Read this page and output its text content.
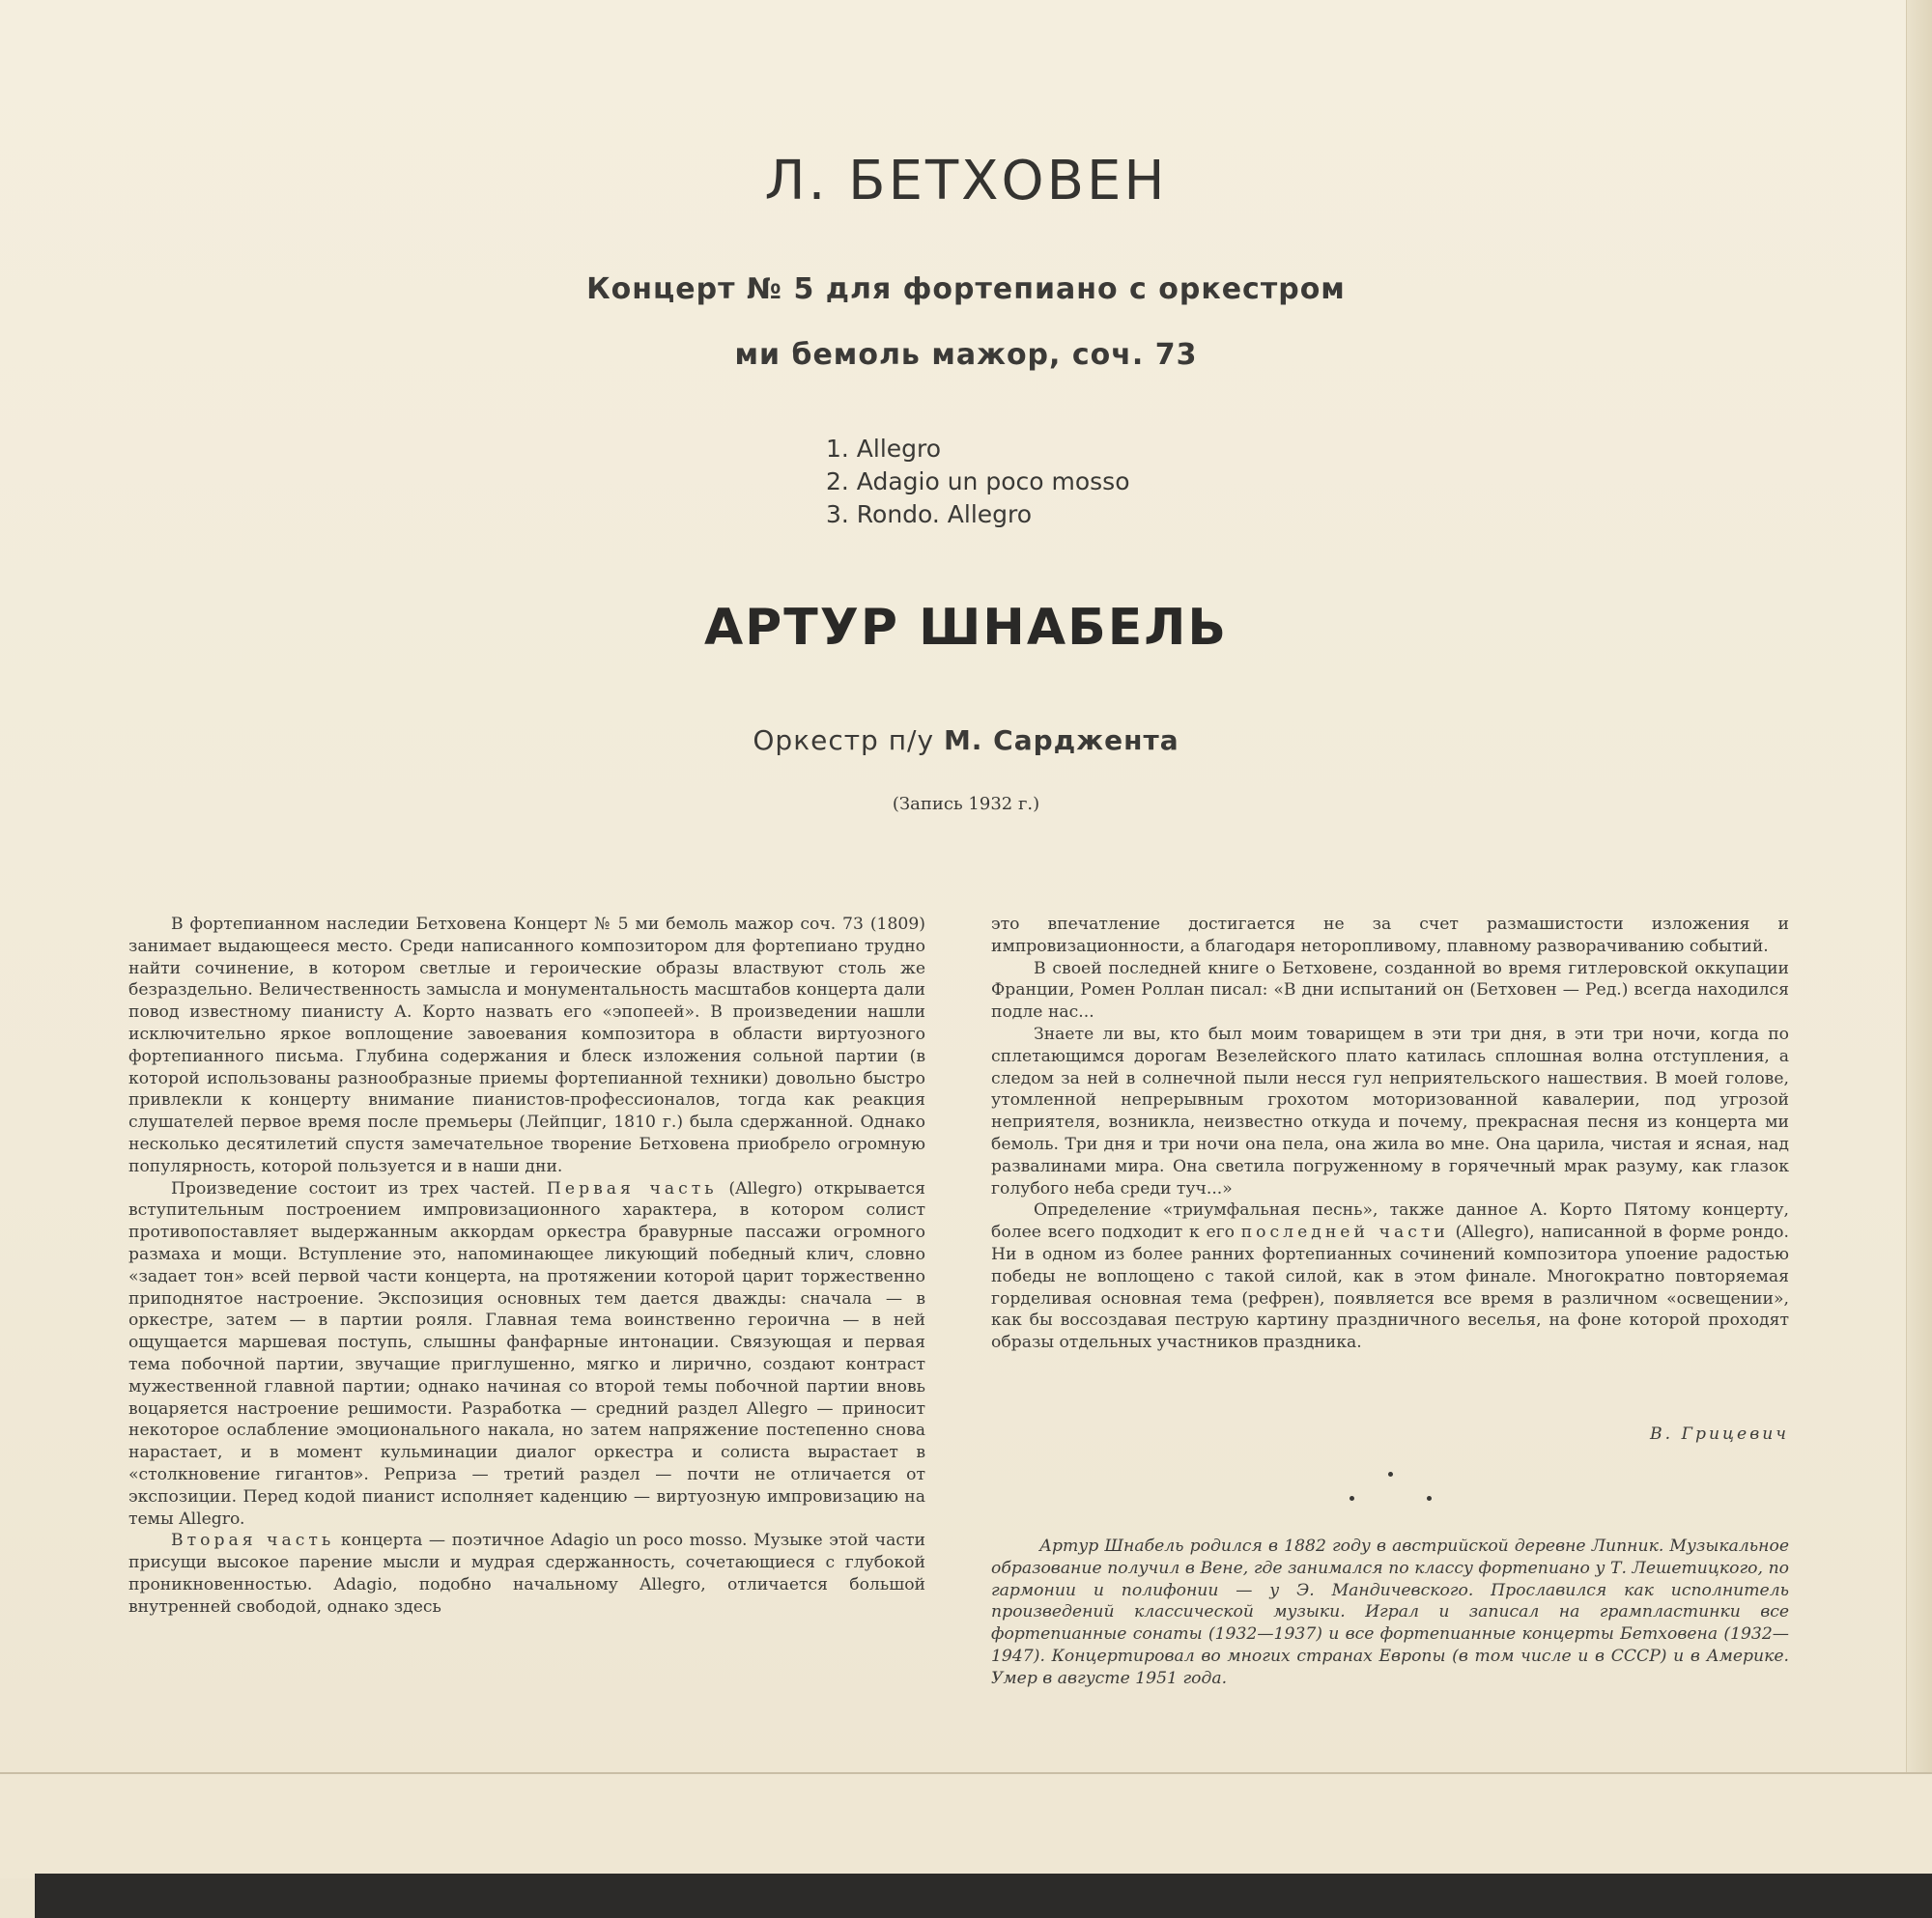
Л. БЕТХОВЕН
Концерт № 5 для фортепиано с оркестром
ми бемоль мажор, соч. 73
1. Allegro
2. Adagio un poco mosso
3. Rondo. Allegro
АРТУР ШНАБЕЛЬ
Оркестр п/у М. Сарджента
(Запись 1932 г.)

В фортепианном наследии Бетховена Концерт № 5 ми бемоль мажор соч. 73 (1809) занимает выдающееся место. Среди написанного композитором для фортепиано трудно найти сочинение, в котором светлые и героические образы властвуют столь же безраздельно. Величественность замысла и монументальность масштабов концерта дали повод известному пианисту А. Корто назвать его «эпопеей». В произведении нашли исключительно яркое воплощение завоевания композитора в области виртуозного фортепианного письма. Глубина содержания и блеск изложения сольной партии (в которой использованы разнообразные приемы фортепианной техники) довольно быстро привлекли к концерту внимание пианистов-профессионалов, тогда как реакция слушателей первое время после премьеры (Лейпциг, 1810 г.) была сдержанной. Однако несколько десятилетий спустя замечательное творение Бетховена приобрело огромную популярность, которой пользуется и в наши дни.

Произведение состоит из трех частей. Первая часть (Allegro) открывается вступительным построением импровизационного характера, в котором солист противопоставляет выдержанным аккордам оркестра бравурные пассажи огромного размаха и мощи. Вступление это, напоминающее ликующий победный клич, словно «задает тон» всей первой части концерта, на протяжении которой царит торжественно приподнятое настроение. Экспозиция основных тем дается дважды: сначала — в оркестре, затем — в партии рояля. Главная тема воинственно героична — в ней ощущается маршевая поступь, слышны фанфарные интонации. Связующая и первая тема побочной партии, звучащие приглушенно, мягко и лирично, создают контраст мужественной главной партии; однако начиная со второй темы побочной партии вновь воцаряется настроение решимости. Разработка — средний раздел Allegro — приносит некоторое ослабление эмоционального накала, но затем напряжение постепенно снова нарастает, и в момент кульминации диалог оркестра и солиста вырастает в «столкновение гигантов». Реприза — третий раздел — почти не отличается от экспозиции. Перед кодой пианист исполняет каденцию — виртуозную импровизацию на темы Allegro.

Вторая часть концерта — поэтичное Adagio un poco mosso. Музыке этой части присущи высокое парение мысли и мудрая сдержанность, сочетающиеся с глубокой проникновенностью. Adagio, подобно начальному Allegro, отличается большой внутренней свободой, однако здесь

это впечатление достигается не за счет размашистости изложения и импровизационности, а благодаря неторопливому, плавному разворачиванию событий.

В своей последней книге о Бетховене, созданной во время гитлеровской оккупации Франции, Ромен Роллан писал: «В дни испытаний он (Бетховен — Ред.) всегда находился подле нас...

Знаете ли вы, кто был моим товарищем в эти три дня, в эти три ночи, когда по сплетающимся дорогам Везелейского плато катилась сплошная волна отступления, а следом за ней в солнечной пыли несся гул неприятельского нашествия. В моей голове, утомленной непрерывным грохотом моторизованной кавалерии, под угрозой неприятеля, возникла, неизвестно откуда и почему, прекрасная песня из концерта ми бемоль. Три дня и три ночи она пела, она жила во мне. Она царила, чистая и ясная, над развалинами мира. Она светила погруженному в горячечный мрак разуму, как глазок голубого неба среди туч...»

Определение «триумфальная песнь», также данное А. Корто Пятому концерту, более всего подходит к его последней части (Allegro), написанной в форме рондо. Ни в одном из более ранних фортепианных сочинений композитора упоение радостью победы не воплощено с такой силой, как в этом финале. Многократно повторяемая горделивая основная тема (рефрен), появляется все время в различном «освещении», как бы воссоздавая пеструю картину праздничного веселья, на фоне которой проходят образы отдельных участников праздника.

В. Грицевич

Артур Шнабель родился в 1882 году в австрийской деревне Липник. Музыкальное образование получил в Вене, где занимался по классу фортепиано у Т. Лешетицкого, по гармонии и полифонии — у Э. Мандичевского. Прославился как исполнитель произведений классической музыки. Играл и записал на грампластинки все фортепианные сонаты (1932—1937) и все фортепианные концерты Бетховена (1932—1947). Концертировал во многих странах Европы (в том числе и в СССР) и в Америке. Умер в августе 1951 года.
